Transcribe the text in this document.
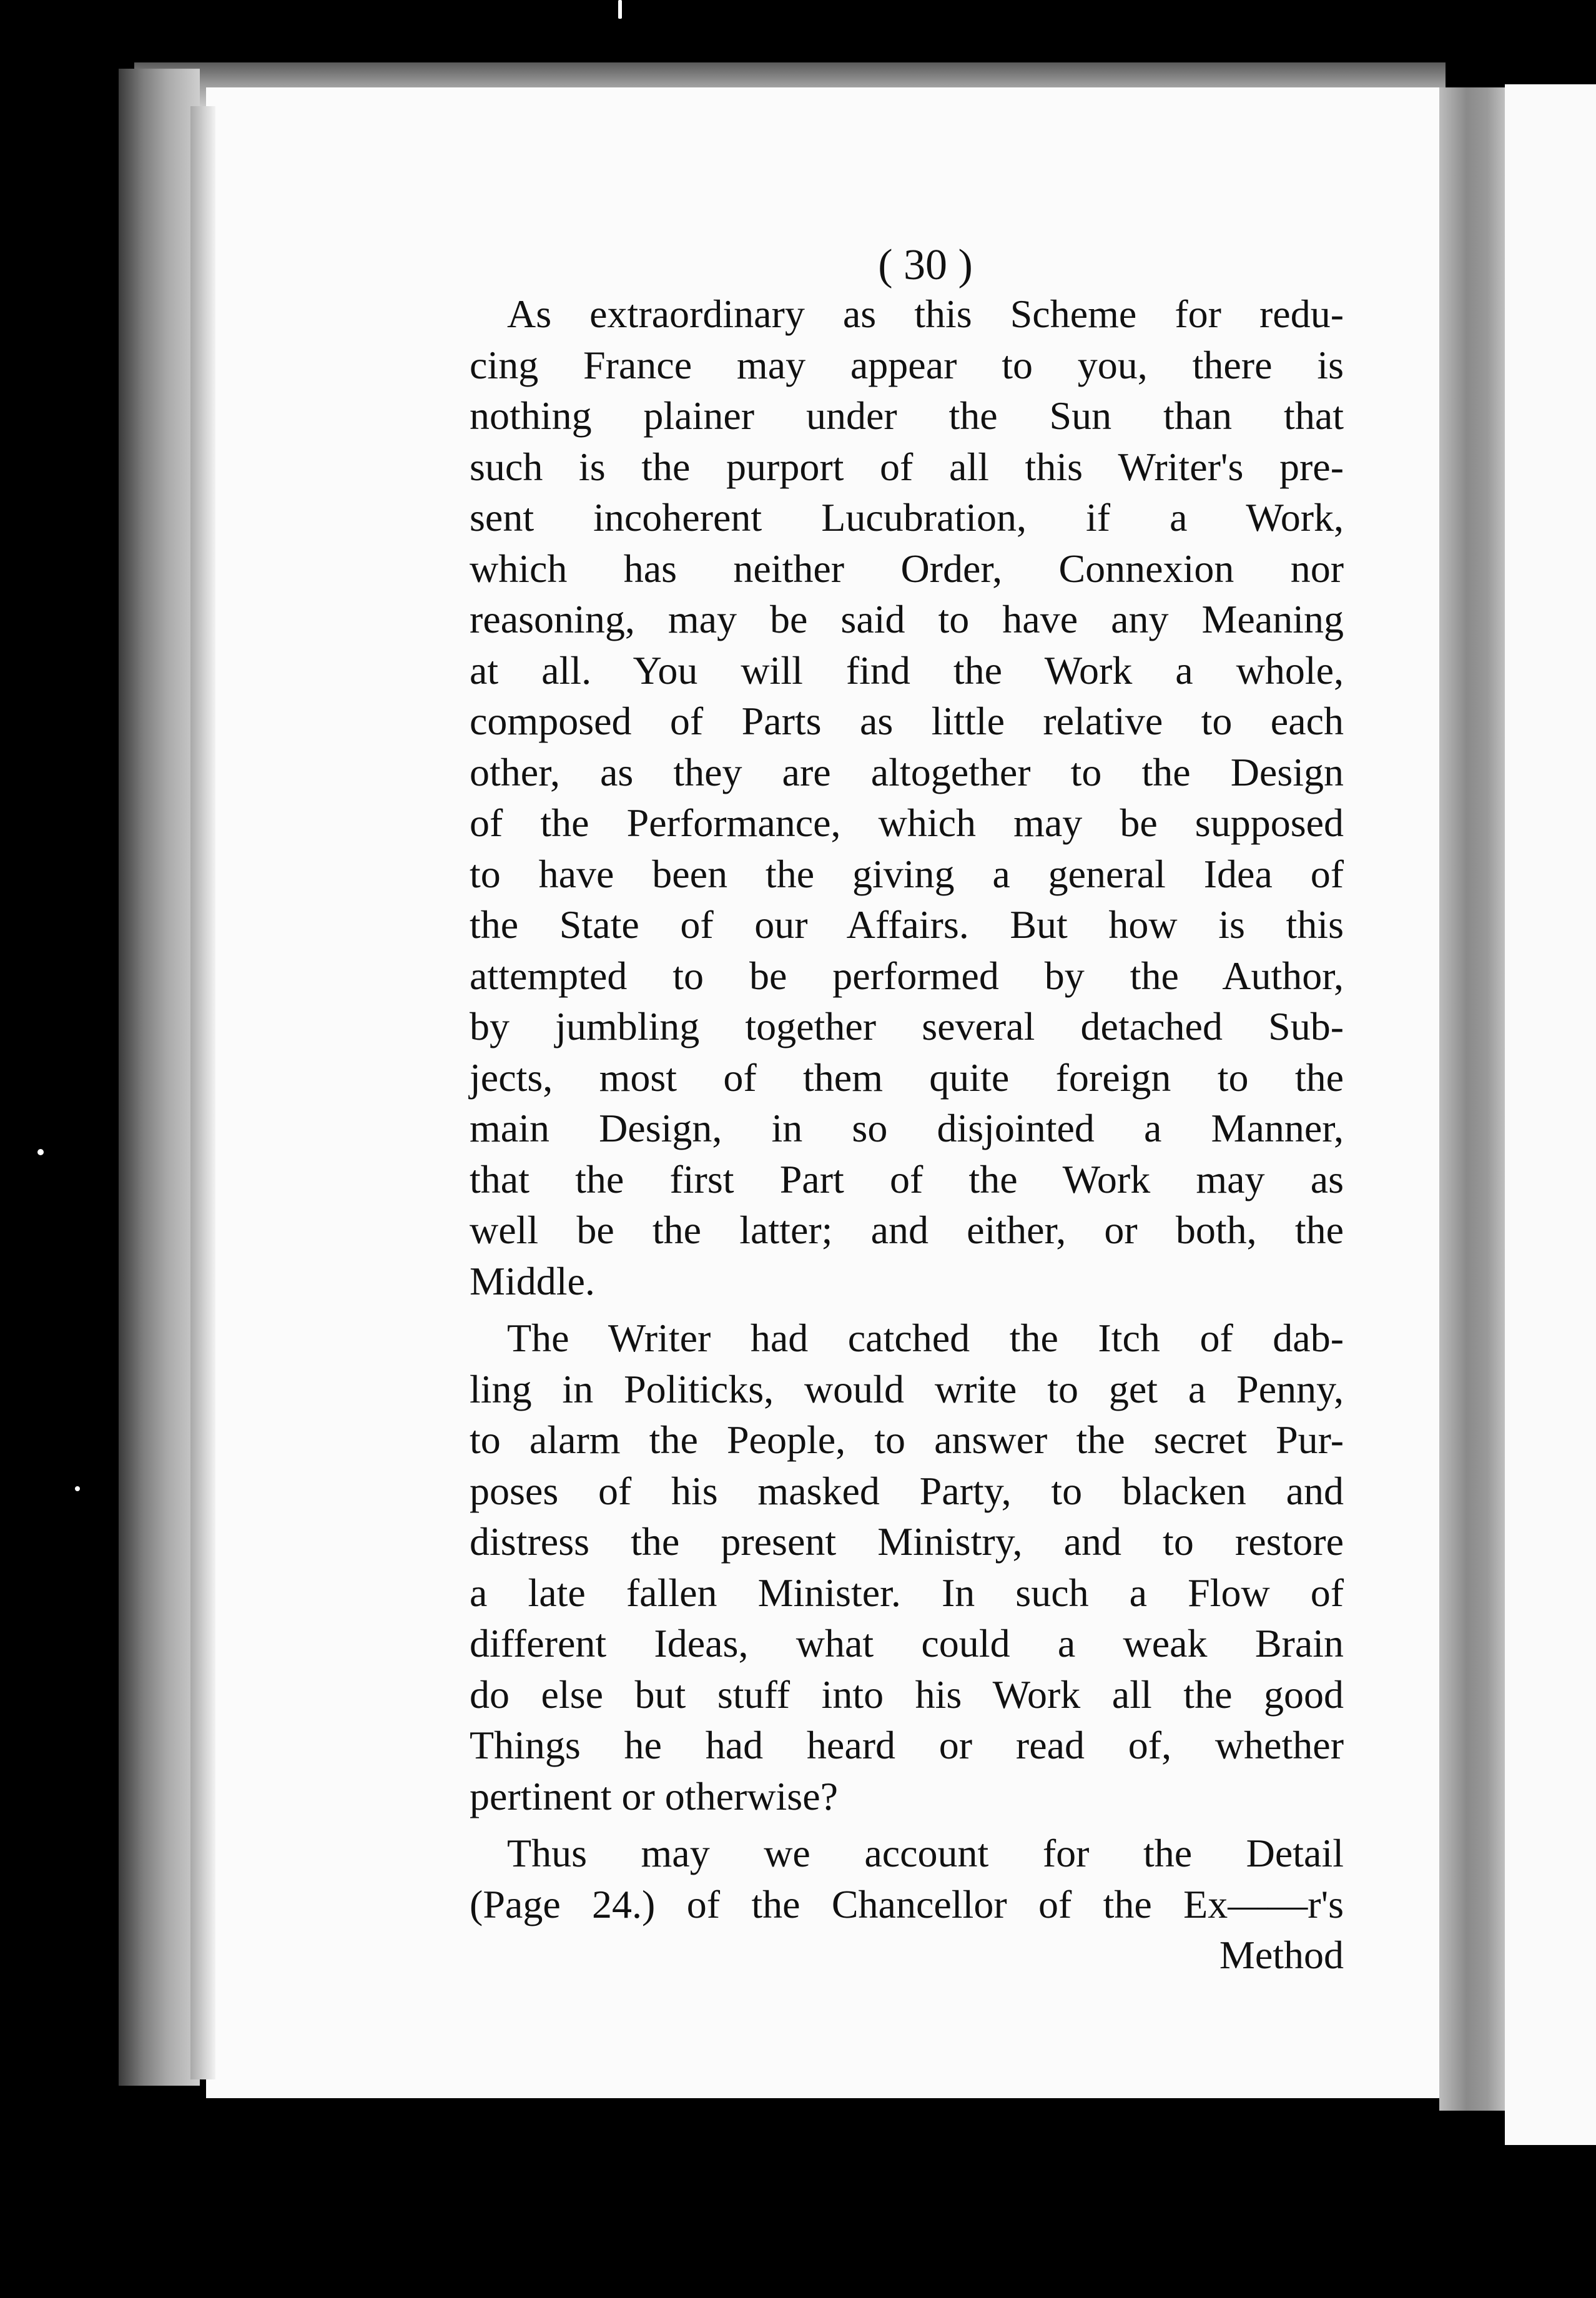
( 30 )
As extraordinary as this Scheme for redu-
cing France may appear to you, there is
nothing plainer under the Sun than that
such is the purport of all this Writer's pre-
sent incoherent Lucubration, if a Work,
which has neither Order, Connexion nor
reasoning, may be said to have any Meaning
at all. You will find the Work a whole,
composed of Parts as little relative to each
other, as they are altogether to the Design
of the Performance, which may be supposed
to have been the giving a general Idea of
the State of our Affairs. But how is this
attempted to be performed by the Author,
by jumbling together several detached Sub-
jects, most of them quite foreign to the
main Design, in so disjointed a Manner,
that the first Part of the Work may as
well be the latter; and either, or both, the
Middle.
The Writer had catched the Itch of dab-
ling in Politicks, would write to get a Penny,
to alarm the People, to answer the secret Pur-
poses of his masked Party, to blacken and
distress the present Ministry, and to restore
a late fallen Minister. In such a Flow of
different Ideas, what could a weak Brain
do else but stuff into his Work all the good
Things he had heard or read of, whether
pertinent or otherwise?
Thus may we account for the Detail
(Page 24.) of the Chancellor of the Ex——r's
Method
